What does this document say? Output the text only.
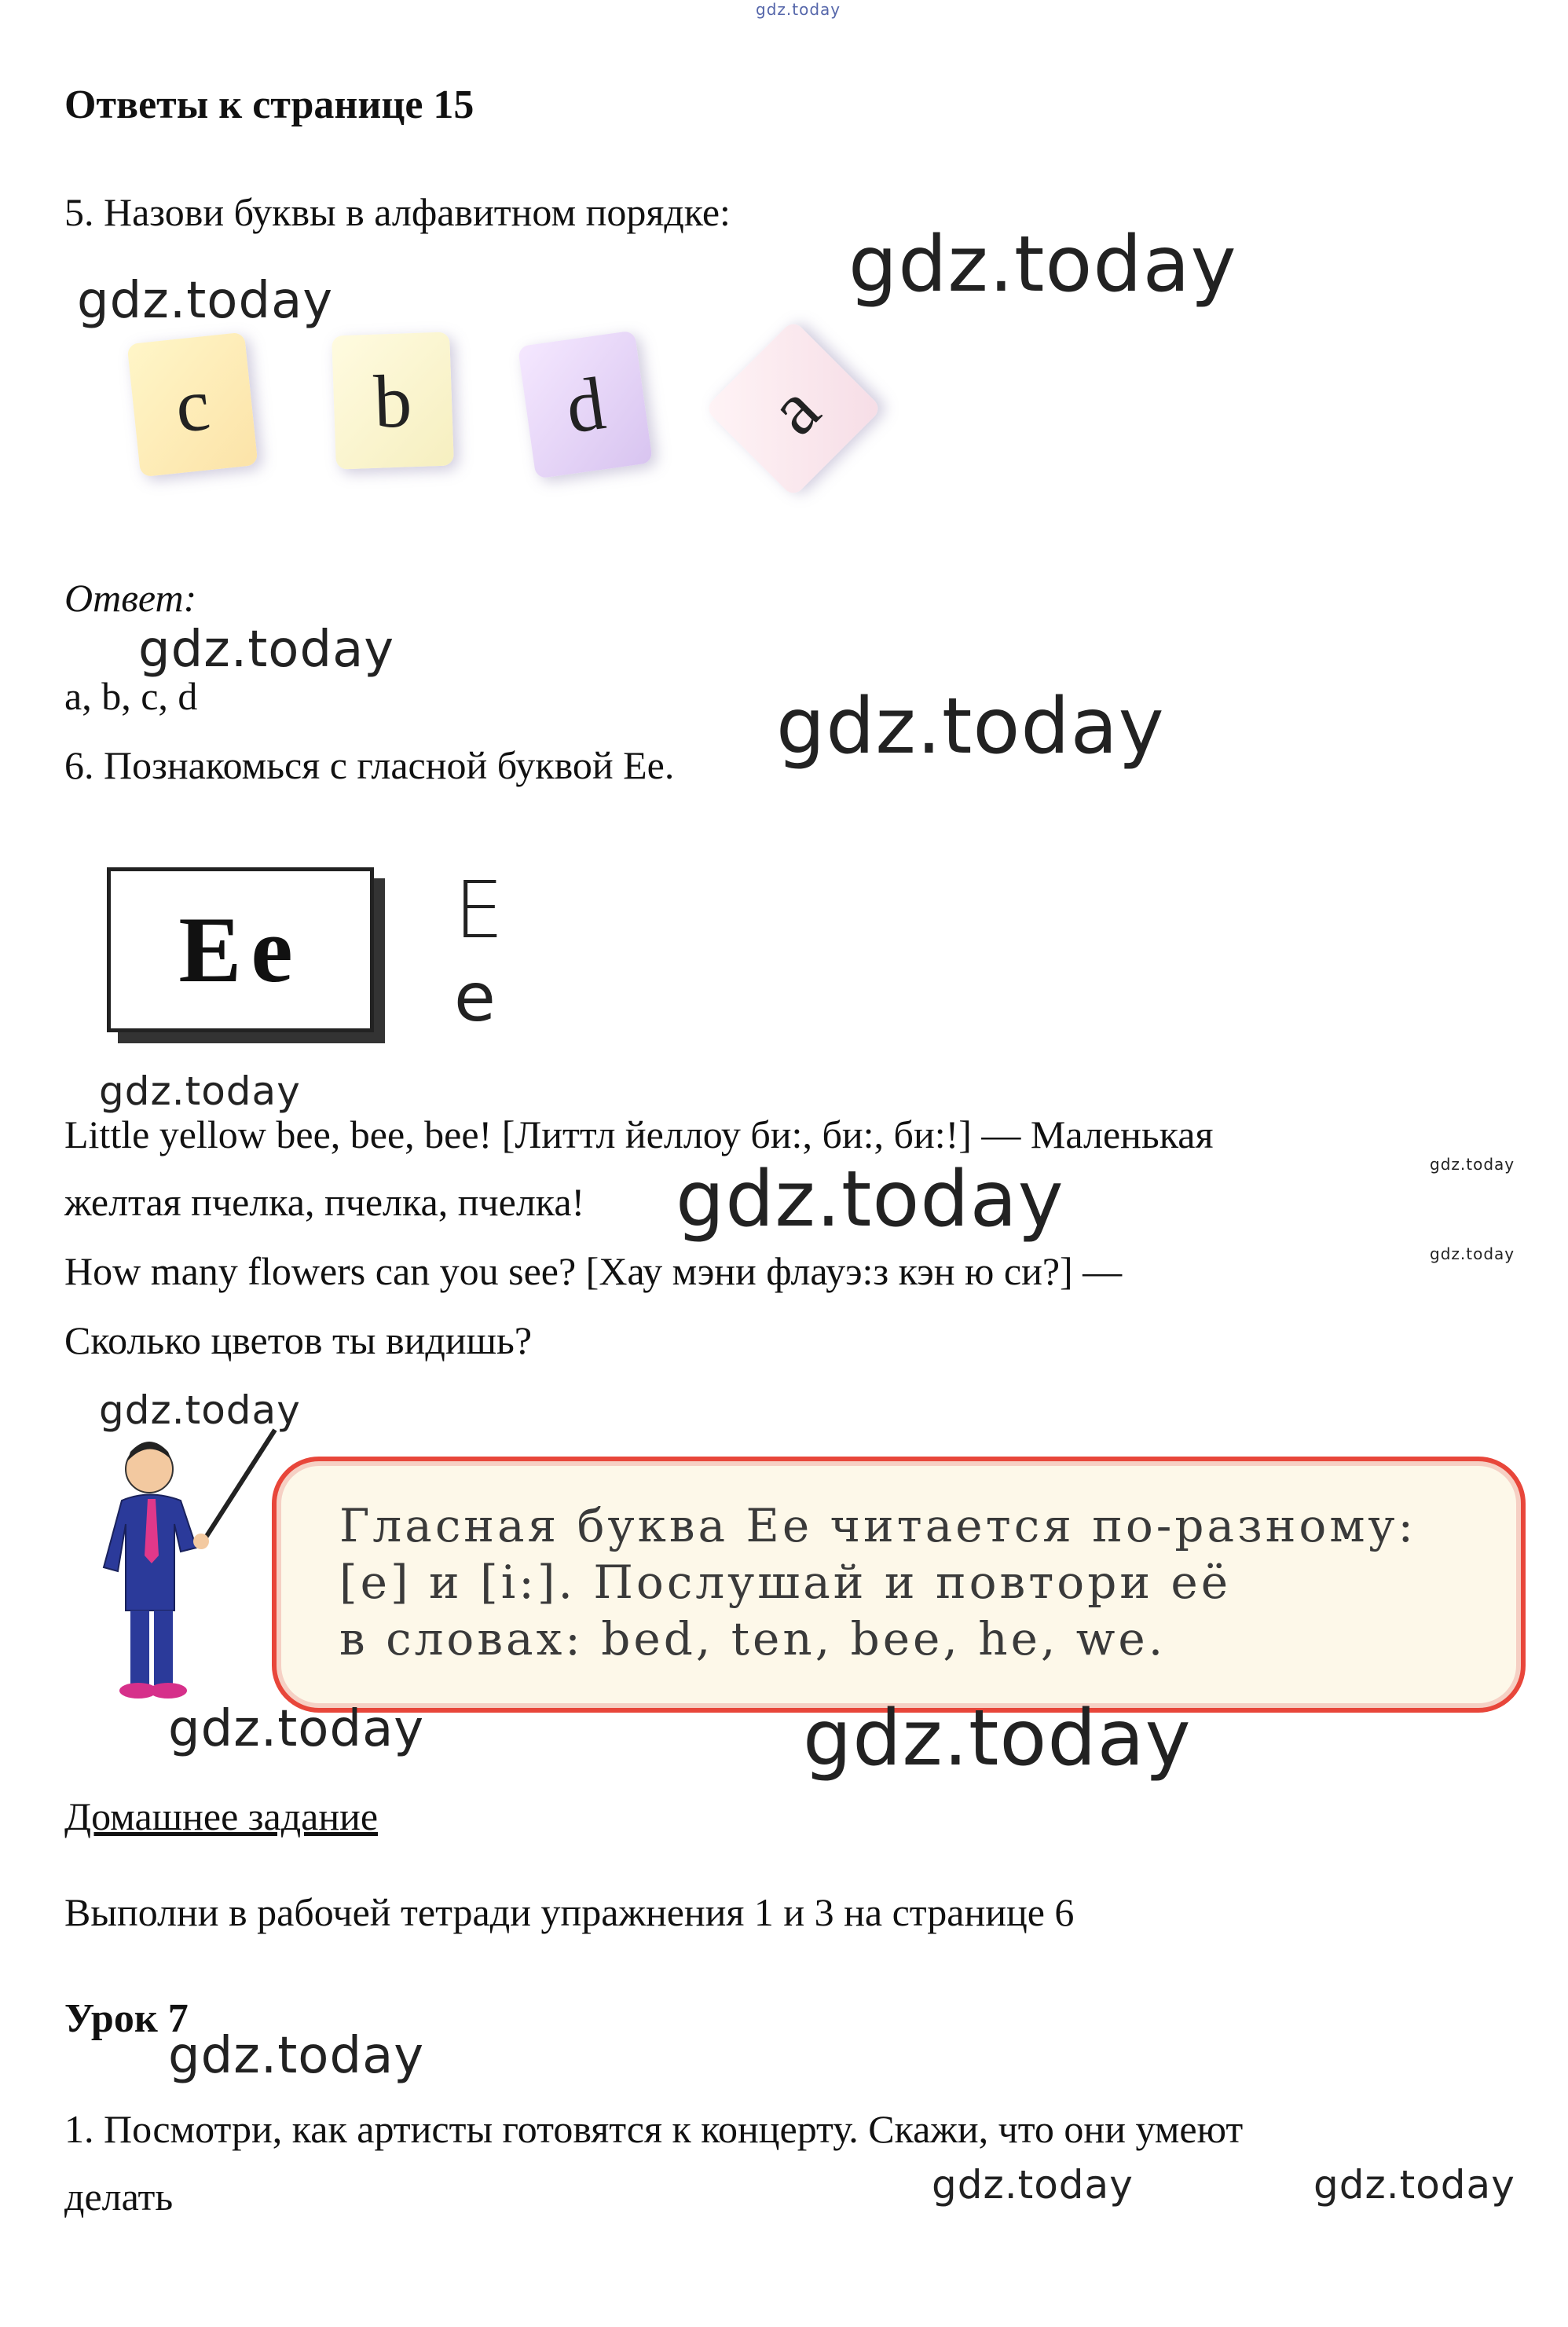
gdz.today
Ответы к странице 15
5. Назови буквы в алфавитном порядке:
gdz.today
gdz.today
c	b	d	a
Ответ:
gdz.today
a, b, c, d
6. Познакомься с гласной буквой Ее. gdz.today
Ee E
e
gdz.today
Little yellow bee, bee, bee! [Литтл йеллоу би:, би:, би:!] — Маленькая
gdz.today
желтая пчелка, пчелка, пчелка! gdz.today
How many flowers can you see? [Хау мэни флауэ:з кэн ю си?] —	gdz.today
Сколько цветов ты видишь?
gdz.today
Гласная буква Ee читается по-разному:
[e] и [i:]. Послушай и повтори её
в словах: bed, ten, bee, he, we.
gdz.today	gdz.today
Домашнее задание
Выполни в рабочей тетради упражнения 1 и 3 на странице 6
Урок 7
gdz.today
1. Посмотри, как артисты готовятся к концерту. Скажи, что они умеют
делать	gdz.today	gdz.today
